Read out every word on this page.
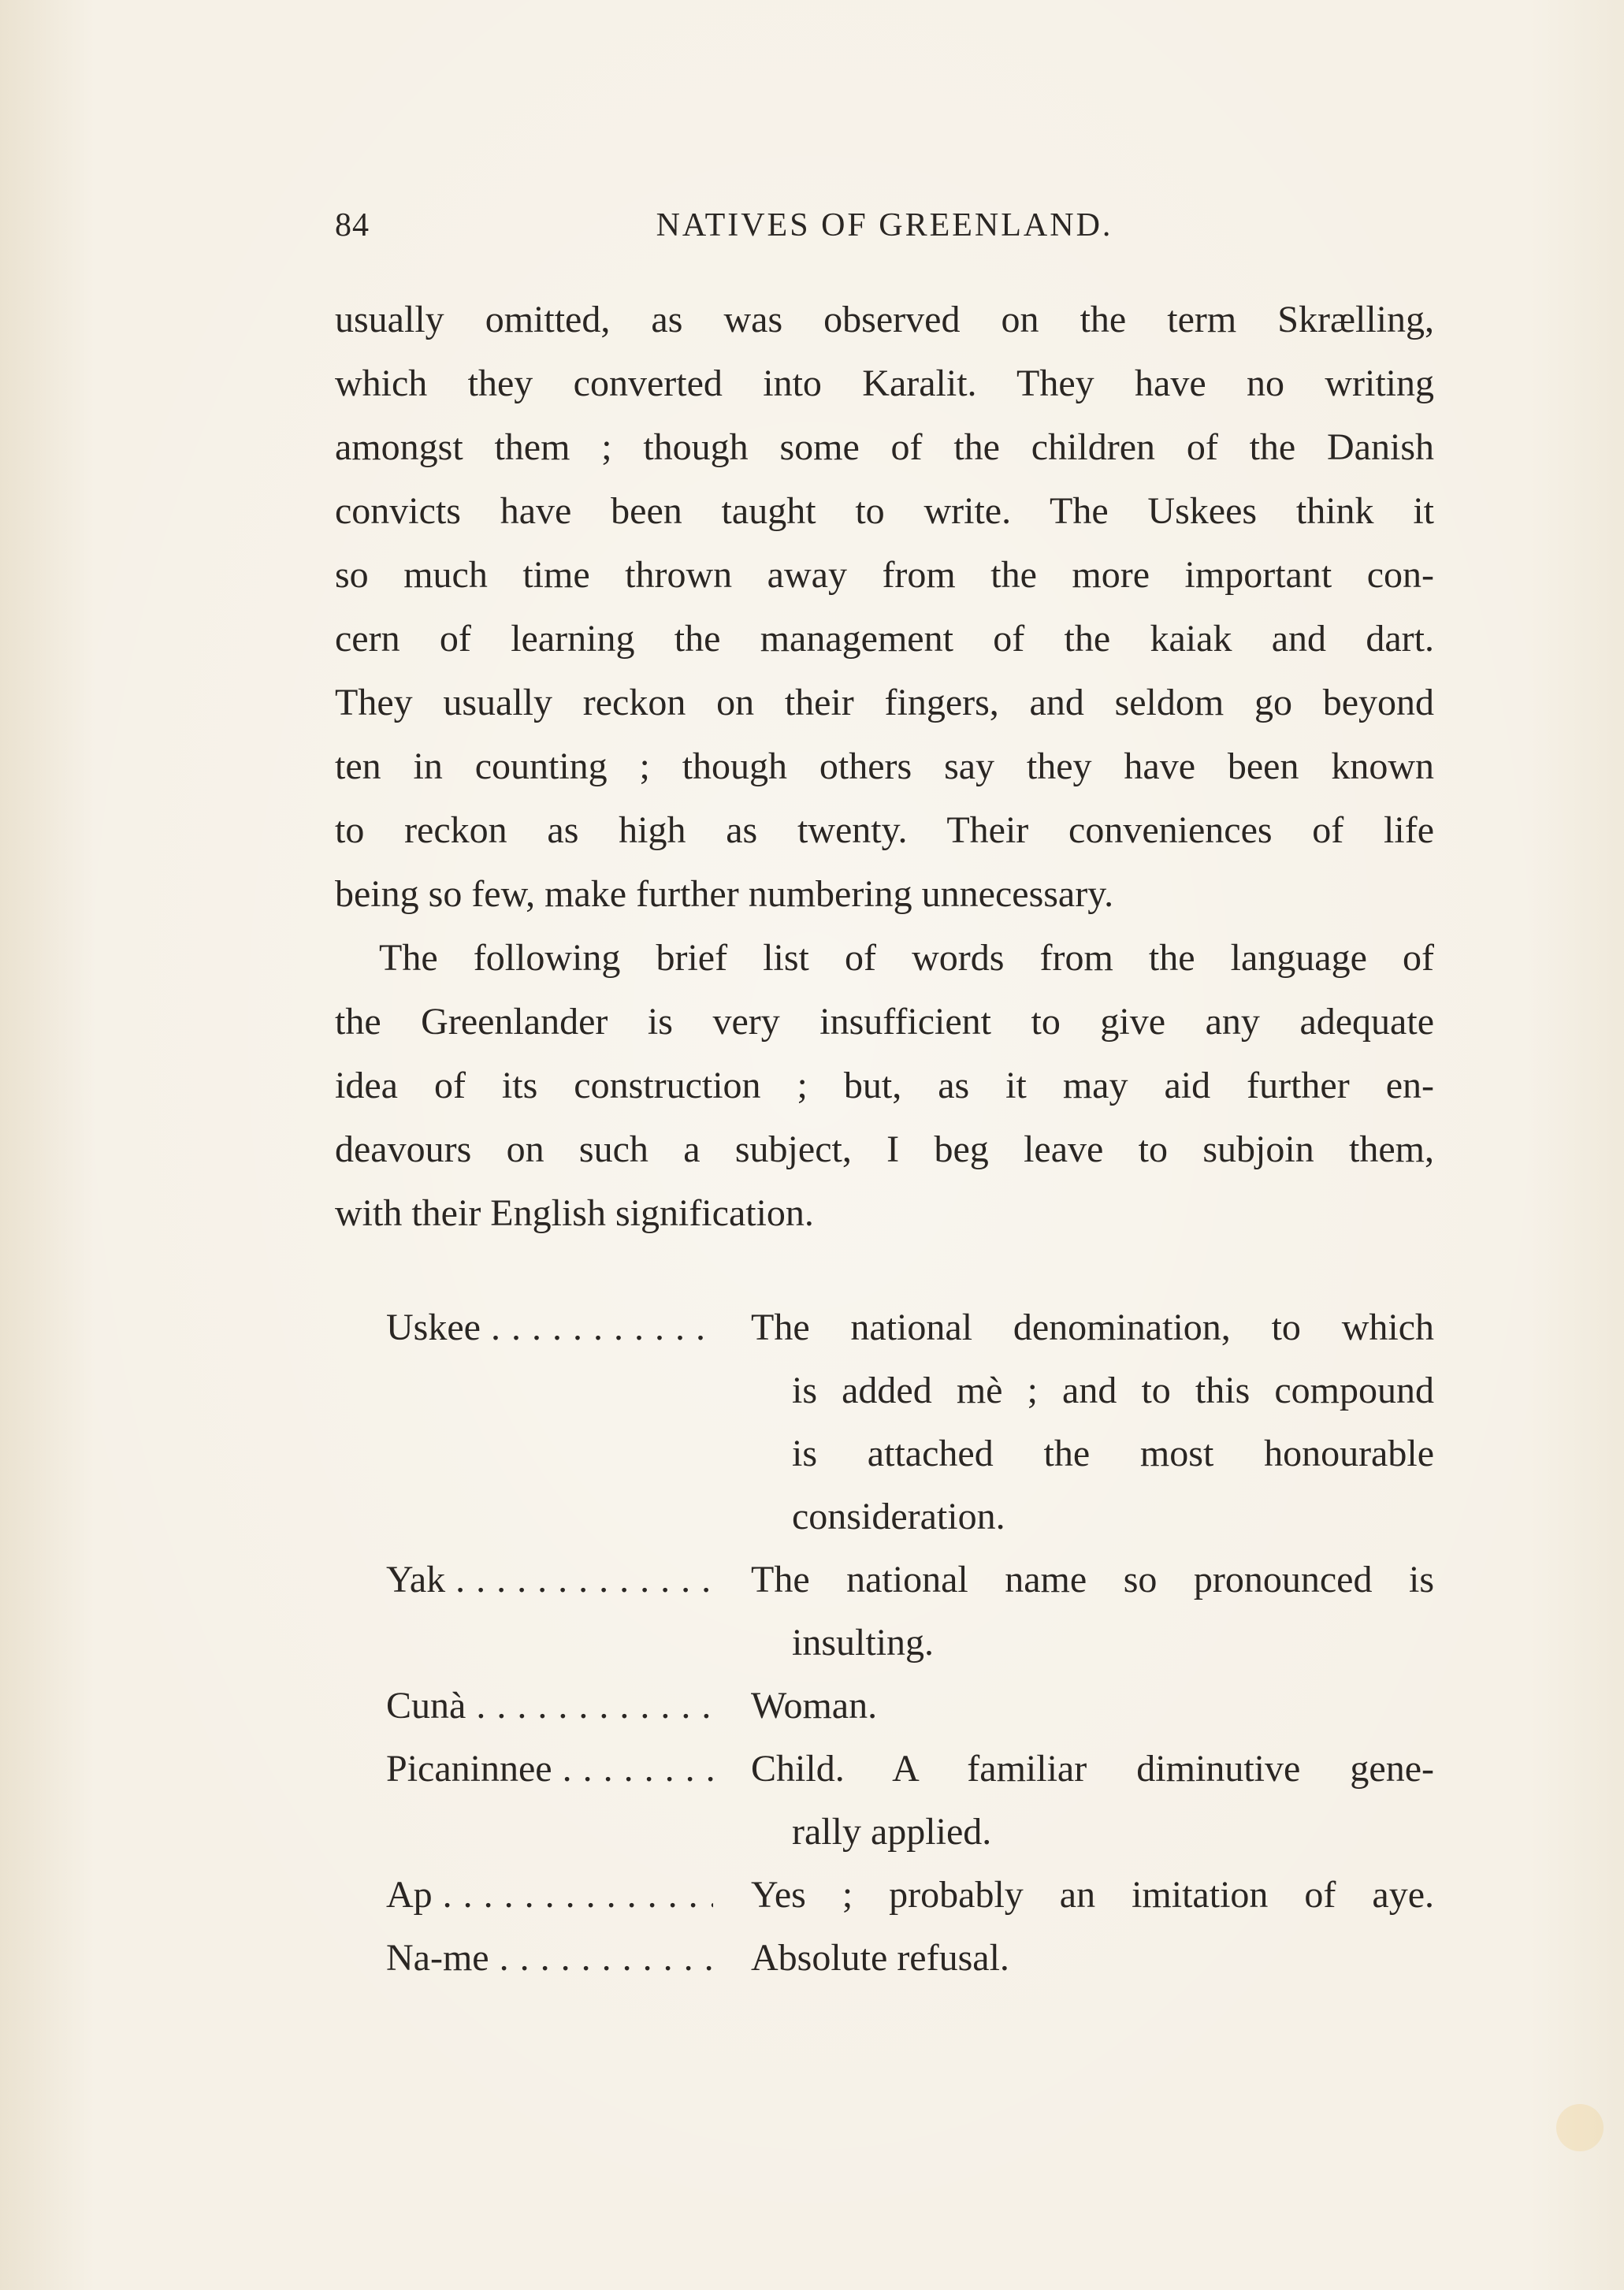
84	NATIVES OF GREENLAND.
usually omitted, as was observed on the term Skrælling,
which they converted into Karalit. They have no writing
amongst them ; though some of the children of the Danish
convicts have been taught to write. The Uskees think it
so much time thrown away from the more important con-
cern of learning the management of the kaiak and dart.
They usually reckon on their fingers, and seldom go beyond
ten in counting ; though others say they have been known
to reckon as high as twenty. Their conveniences of life
being so few, make further numbering unnecessary.
The following brief list of words from the language of
the Greenlander is very insufficient to give any adequate
idea of its construction ; but, as it may aid further en-
deavours on such a subject, I beg leave to subjoin them,
with their English signification.
Uskee . . .	The national denomination, to which
is added mè ; and to this compound
is attached the most honourable
consideration.
Yak . . .	The national name so pronounced is
insulting.
Cunà . . .	Woman.
Picaninnee . . .	Child. A familiar diminutive gene-
rally applied.
Ap . . .	Yes ; probably an imitation of aye.
Na-me . . .	Absolute refusal.
